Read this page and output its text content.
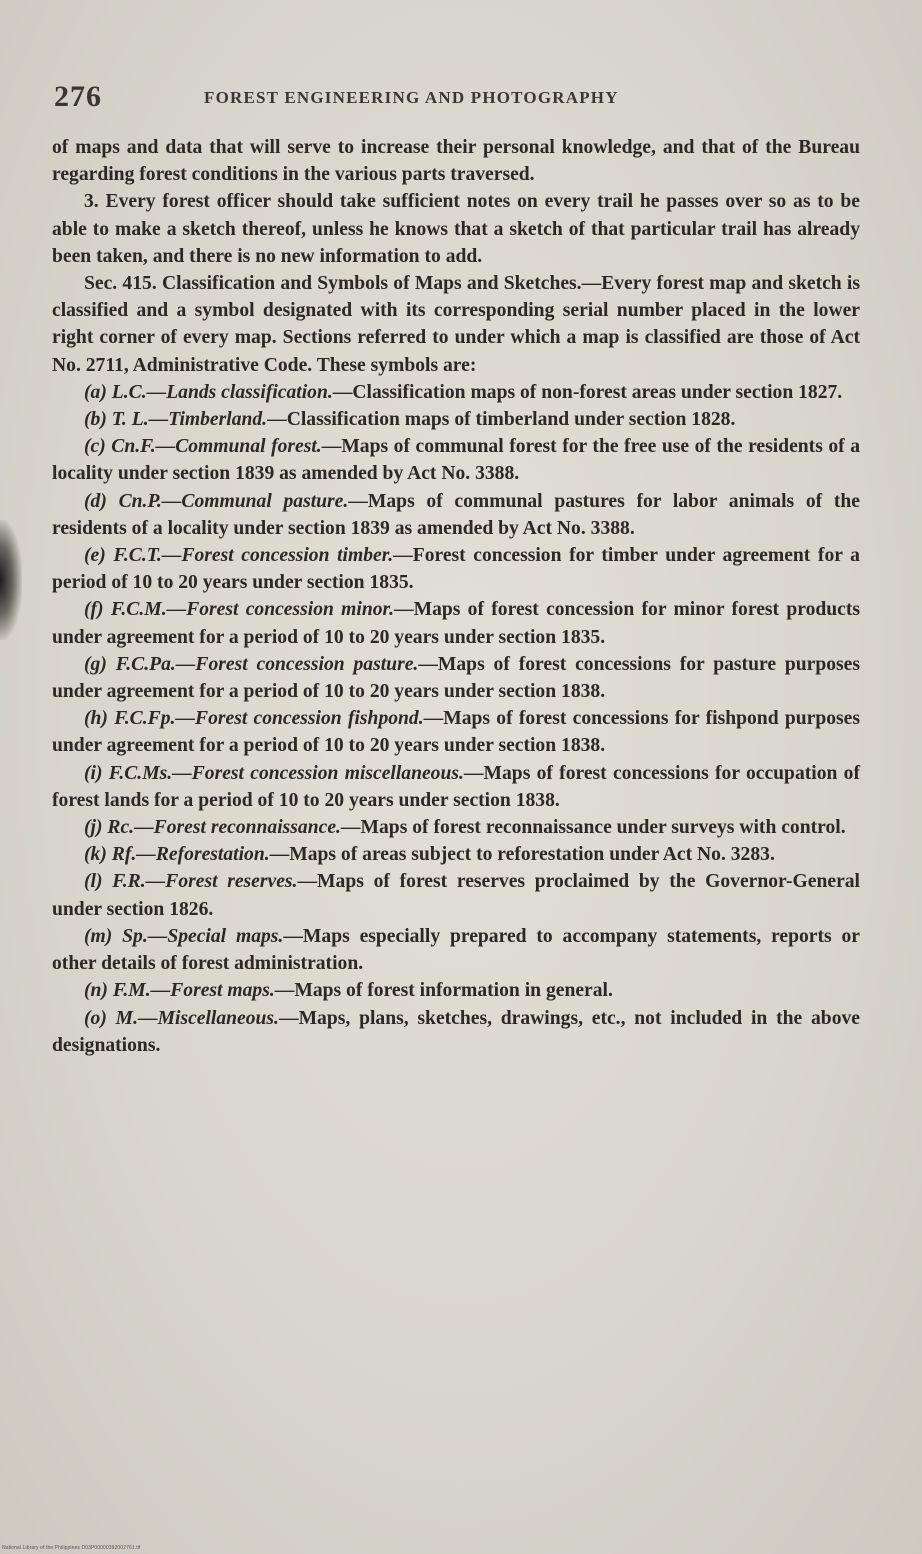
276	FOREST ENGINEERING AND PHOTOGRAPHY

of maps and data that will serve to increase their personal knowledge, and that of the Bureau regarding forest conditions in the various parts traversed.

3. Every forest officer should take sufficient notes on every trail he passes over so as to be able to make a sketch thereof, unless he knows that a sketch of that particular trail has already been taken, and there is no new information to add.

Sec. 415. Classification and Symbols of Maps and Sketches.—Every forest map and sketch is classified and a symbol designated with its corresponding serial number placed in the lower right corner of every map. Sections referred to under which a map is classified are those of Act No. 2711, Administrative Code. These symbols are:

(a) L.C.—Lands classification.—Classification maps of non-forest areas under section 1827.

(b) T. L.—Timberland.—Classification maps of timberland under section 1828.

(c) Cn.F.—Communal forest.—Maps of communal forest for the free use of the residents of a locality under section 1839 as amended by Act No. 3388.

(d) Cn.P.—Communal pasture.—Maps of communal pastures for labor animals of the residents of a locality under section 1839 as amended by Act No. 3388.

(e) F.C.T.—Forest concession timber.—Forest concession for timber under agreement for a period of 10 to 20 years under section 1835.

(f) F.C.M.—Forest concession minor.—Maps of forest concession for minor forest products under agreement for a period of 10 to 20 years under section 1835.

(g) F.C.Pa.—Forest concession pasture.—Maps of forest concessions for pasture purposes under agreement for a period of 10 to 20 years under section 1838.

(h) F.C.Fp.—Forest concession fishpond.—Maps of forest concessions for fishpond purposes under agreement for a period of 10 to 20 years under section 1838.

(i) F.C.Ms.—Forest concession miscellaneous.—Maps of forest concessions for occupation of forest lands for a period of 10 to 20 years under section 1838.

(j) Rc.—Forest reconnaissance.—Maps of forest reconnaissance under surveys with control.

(k) Rf.—Reforestation.—Maps of areas subject to reforestation under Act No. 3283.

(l) F.R.—Forest reserves.—Maps of forest reserves proclaimed by the Governor-General under section 1826.

(m) Sp.—Special maps.—Maps especially prepared to accompany statements, reports or other details of forest administration.

(n) F.M.—Forest maps.—Maps of forest information in general.

(o) M.—Miscellaneous.—Maps, plans, sketches, drawings, etc., not included in the above designations.

National Library of the Philippines D03P00000392002761.tif
